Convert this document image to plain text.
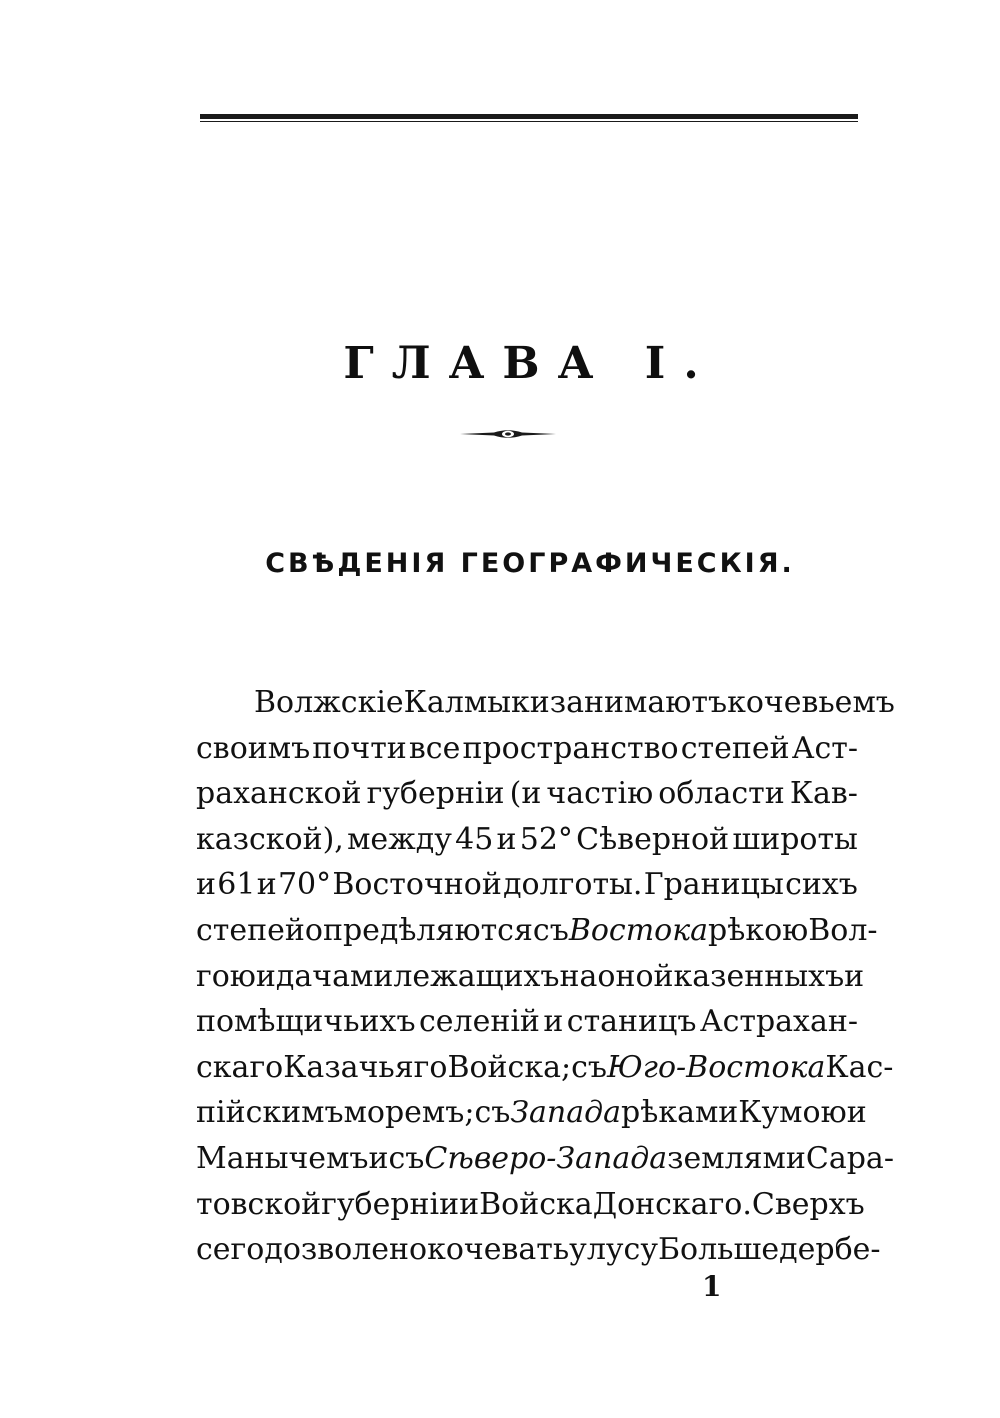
ГЛАВА I.
СВѢДЕНІЯ ГЕОГРАФИЧЕСКІЯ.
Волжскіе Калмыки занимаютъ кочевьемъ
своимъ почти все пространство степей Аст-
раханской губерніи (и частію области Кав-
казской), между 45 и 52° Сѣверной широты
и 61 и 70° Восточной долготы. Границы сихъ
степей опредѣляются съ Востока рѣкою Вол-
гою и дачами лежащихъ на оной казенныхъ и
помѣщичьихъ селеній и станицъ Астрахан-
скаго Казачьяго Войска; съ Юго-Востока Кас-
пійскимъ моремъ; съ Запада рѣками Кумою и
Манычемъ и съ Сѣверо-Запада землями Сара-
товской губерніи и Войска Донскаго. Сверхъ
сего дозволено кочевать улусу Большедербе-
1
